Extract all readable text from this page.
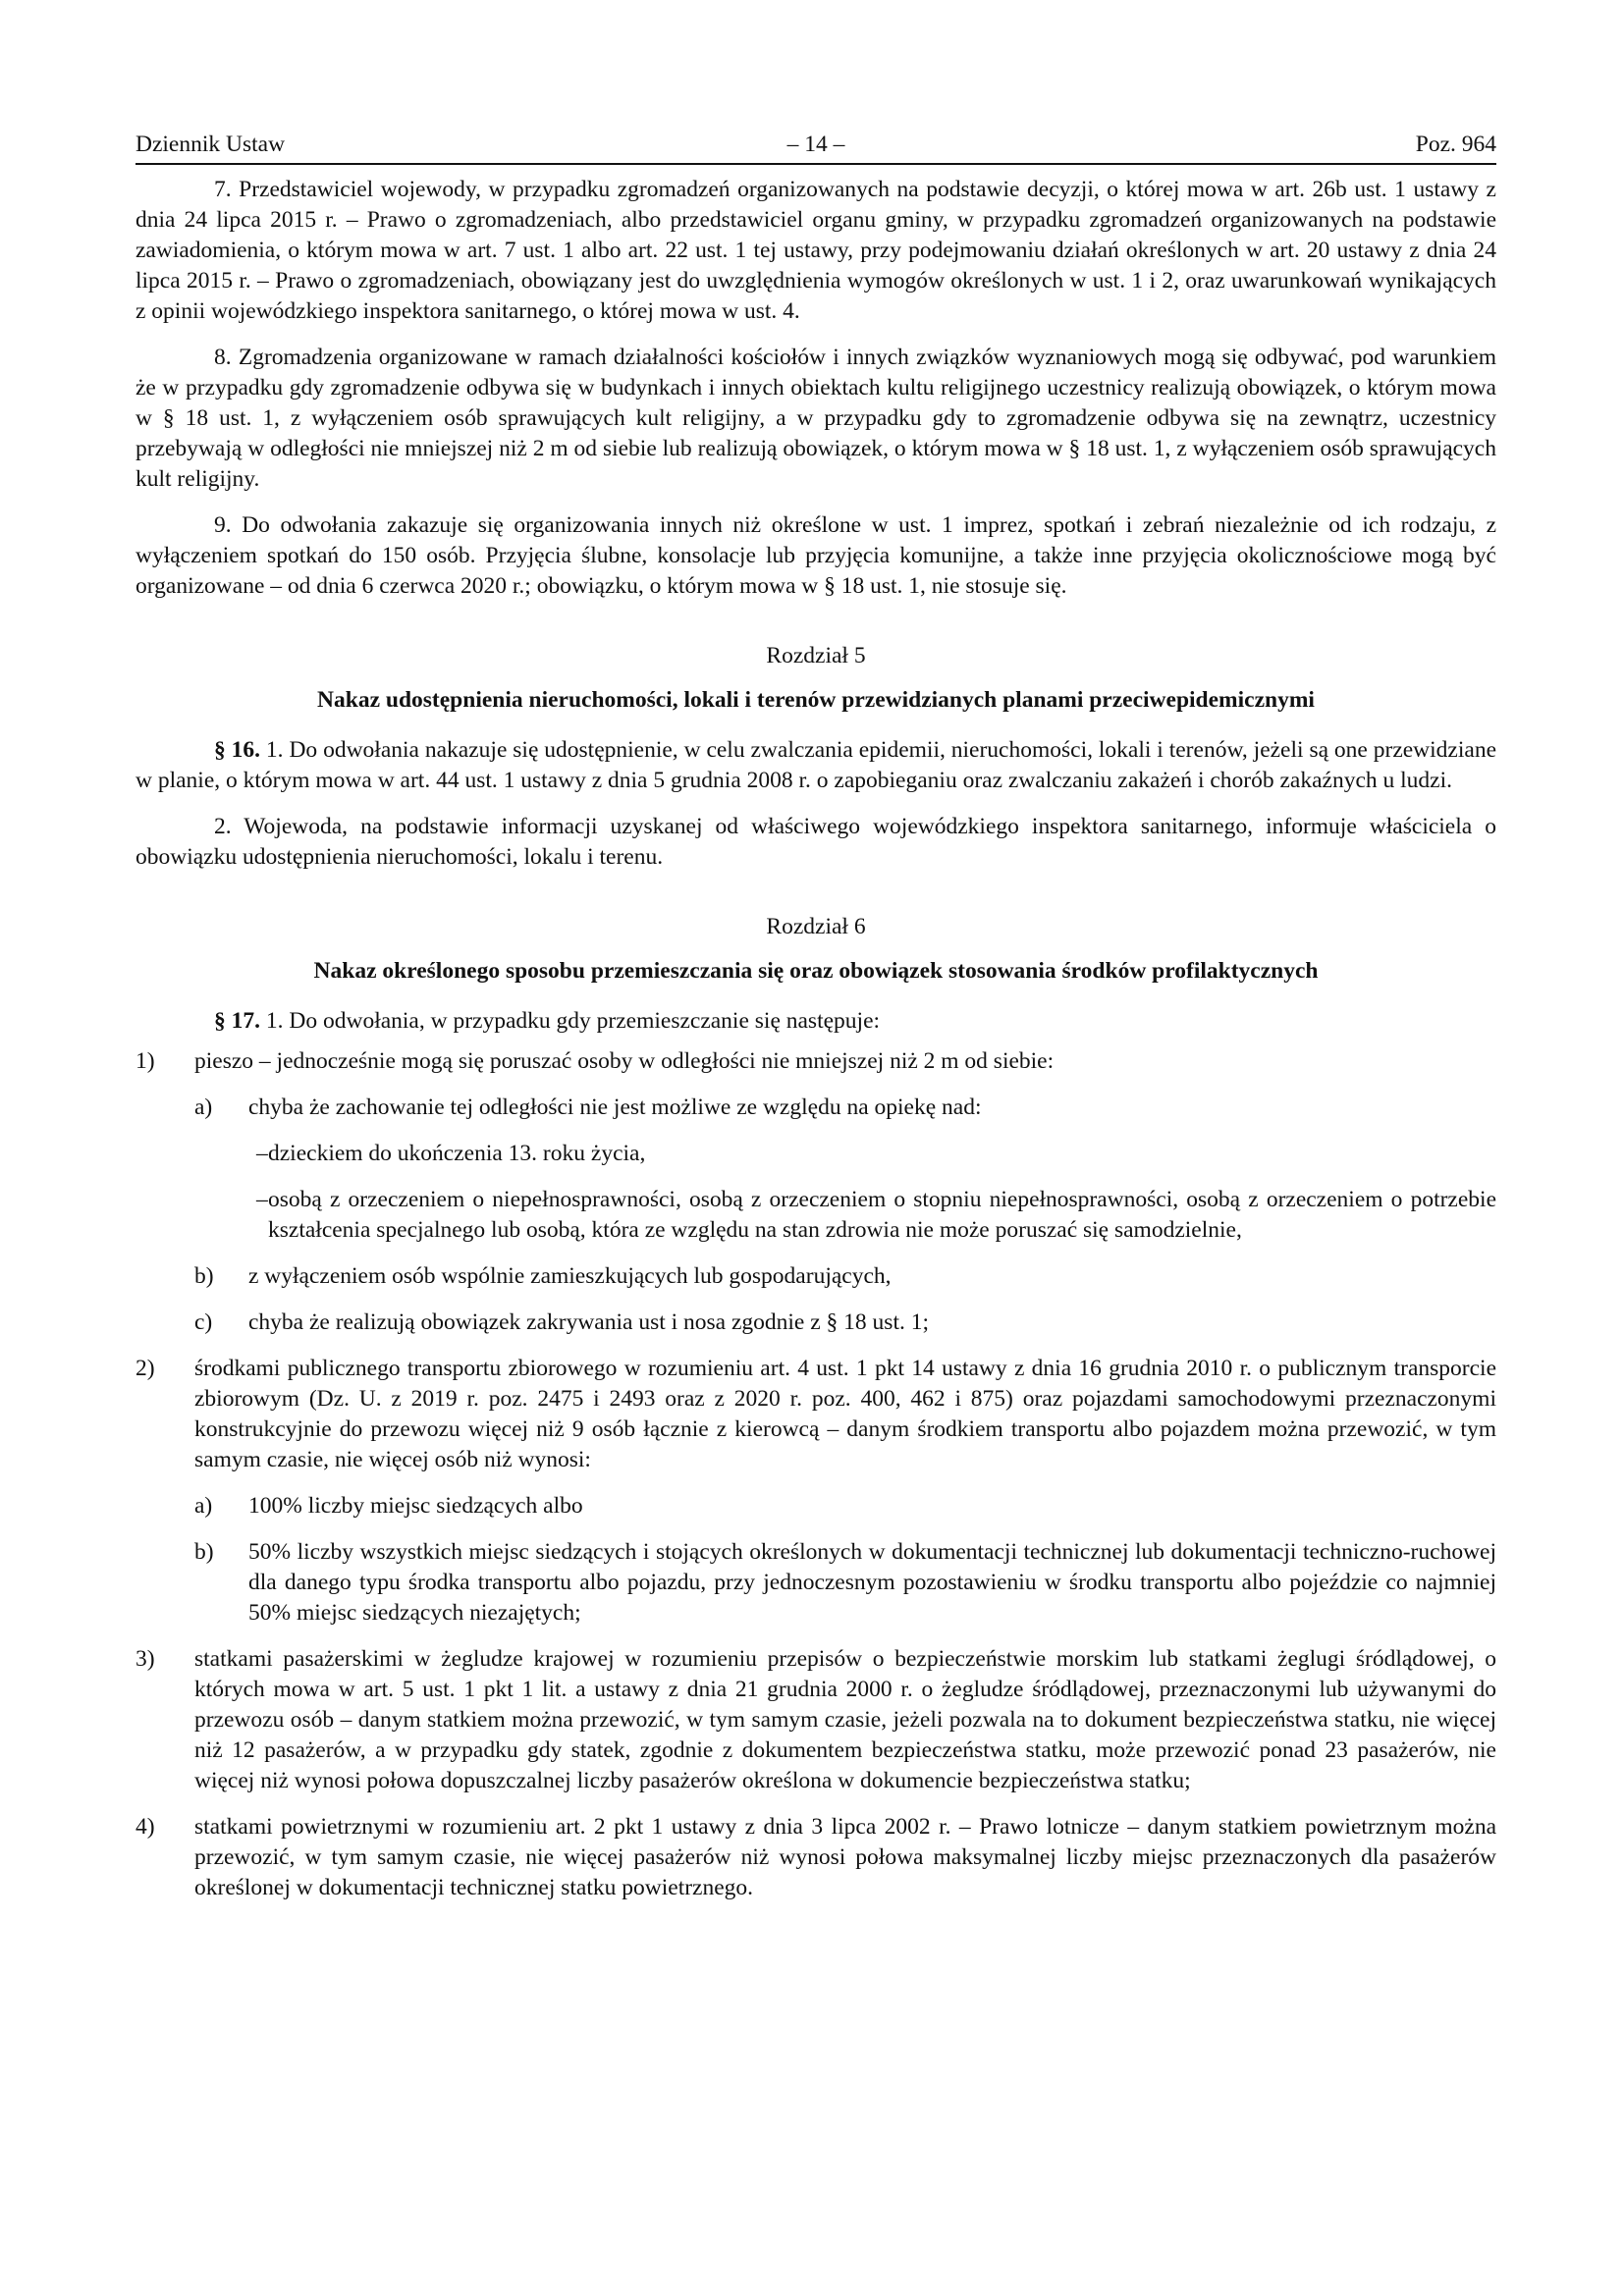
Dziennik Ustaw	– 14 –	Poz. 964

7. Przedstawiciel wojewody, w przypadku zgromadzeń organizowanych na podstawie decyzji, o której mowa w art. 26b ust. 1 ustawy z dnia 24 lipca 2015 r. – Prawo o zgromadzeniach, albo przedstawiciel organu gminy, w przypadku zgromadzeń organizowanych na podstawie zawiadomienia, o którym mowa w art. 7 ust. 1 albo art. 22 ust. 1 tej ustawy, przy podejmowaniu działań określonych w art. 20 ustawy z dnia 24 lipca 2015 r. – Prawo o zgromadzeniach, obowiązany jest do uwzględnienia wymogów określonych w ust. 1 i 2, oraz uwarunkowań wynikających z opinii wojewódzkiego inspektora sanitarnego, o której mowa w ust. 4.

8. Zgromadzenia organizowane w ramach działalności kościołów i innych związków wyznaniowych mogą się odbywać, pod warunkiem że w przypadku gdy zgromadzenie odbywa się w budynkach i innych obiektach kultu religijnego uczestnicy realizują obowiązek, o którym mowa w § 18 ust. 1, z wyłączeniem osób sprawujących kult religijny, a w przypadku gdy to zgromadzenie odbywa się na zewnątrz, uczestnicy przebywają w odległości nie mniejszej niż 2 m od siebie lub realizują obowiązek, o którym mowa w § 18 ust. 1, z wyłączeniem osób sprawujących kult religijny.

9. Do odwołania zakazuje się organizowania innych niż określone w ust. 1 imprez, spotkań i zebrań niezależnie od ich rodzaju, z wyłączeniem spotkań do 150 osób. Przyjęcia ślubne, konsolacje lub przyjęcia komunijne, a także inne przyjęcia okolicznościowe mogą być organizowane – od dnia 6 czerwca 2020 r.; obowiązku, o którym mowa w § 18 ust. 1, nie stosuje się.

Rozdział 5
Nakaz udostępnienia nieruchomości, lokali i terenów przewidzianych planami przeciwepidemicznymi

§ 16. 1. Do odwołania nakazuje się udostępnienie, w celu zwalczania epidemii, nieruchomości, lokali i terenów, jeżeli są one przewidziane w planie, o którym mowa w art. 44 ust. 1 ustawy z dnia 5 grudnia 2008 r. o zapobieganiu oraz zwalczaniu zakażeń i chorób zakaźnych u ludzi.

2. Wojewoda, na podstawie informacji uzyskanej od właściwego wojewódzkiego inspektora sanitarnego, informuje właściciela o obowiązku udostępnienia nieruchomości, lokalu i terenu.

Rozdział 6
Nakaz określonego sposobu przemieszczania się oraz obowiązek stosowania środków profilaktycznych

§ 17. 1. Do odwołania, w przypadku gdy przemieszczanie się następuje:

1) pieszo – jednocześnie mogą się poruszać osoby w odległości nie mniejszej niż 2 m od siebie:
a) chyba że zachowanie tej odległości nie jest możliwe ze względu na opiekę nad:
– dzieckiem do ukończenia 13. roku życia,
– osobą z orzeczeniem o niepełnosprawności, osobą z orzeczeniem o stopniu niepełnosprawności, osobą z orzeczeniem o potrzebie kształcenia specjalnego lub osobą, która ze względu na stan zdrowia nie może poruszać się samodzielnie,
b) z wyłączeniem osób wspólnie zamieszkujących lub gospodarujących,
c) chyba że realizują obowiązek zakrywania ust i nosa zgodnie z § 18 ust. 1;
2) środkami publicznego transportu zbiorowego w rozumieniu art. 4 ust. 1 pkt 14 ustawy z dnia 16 grudnia 2010 r. o publicznym transporcie zbiorowym (Dz. U. z 2019 r. poz. 2475 i 2493 oraz z 2020 r. poz. 400, 462 i 875) oraz pojazdami samochodowymi przeznaczonymi konstrukcyjnie do przewozu więcej niż 9 osób łącznie z kierowcą – danym środkiem transportu albo pojazdem można przewozić, w tym samym czasie, nie więcej osób niż wynosi:
a) 100% liczby miejsc siedzących albo
b) 50% liczby wszystkich miejsc siedzących i stojących określonych w dokumentacji technicznej lub dokumentacji techniczno-ruchowej dla danego typu środka transportu albo pojazdu, przy jednoczesnym pozostawieniu w środku transportu albo pojeździe co najmniej 50% miejsc siedzących niezajętych;
3) statkami pasażerskimi w żegludze krajowej w rozumieniu przepisów o bezpieczeństwie morskim lub statkami żeglugi śródlądowej, o których mowa w art. 5 ust. 1 pkt 1 lit. a ustawy z dnia 21 grudnia 2000 r. o żegludze śródlądowej, przeznaczonymi lub używanymi do przewozu osób – danym statkiem można przewozić, w tym samym czasie, jeżeli pozwala na to dokument bezpieczeństwa statku, nie więcej niż 12 pasażerów, a w przypadku gdy statek, zgodnie z dokumentem bezpieczeństwa statku, może przewozić ponad 23 pasażerów, nie więcej niż wynosi połowa dopuszczalnej liczby pasażerów określona w dokumencie bezpieczeństwa statku;
4) statkami powietrznymi w rozumieniu art. 2 pkt 1 ustawy z dnia 3 lipca 2002 r. – Prawo lotnicze – danym statkiem powietrznym można przewozić, w tym samym czasie, nie więcej pasażerów niż wynosi połowa maksymalnej liczby miejsc przeznaczonych dla pasażerów określonej w dokumentacji technicznej statku powietrznego.
